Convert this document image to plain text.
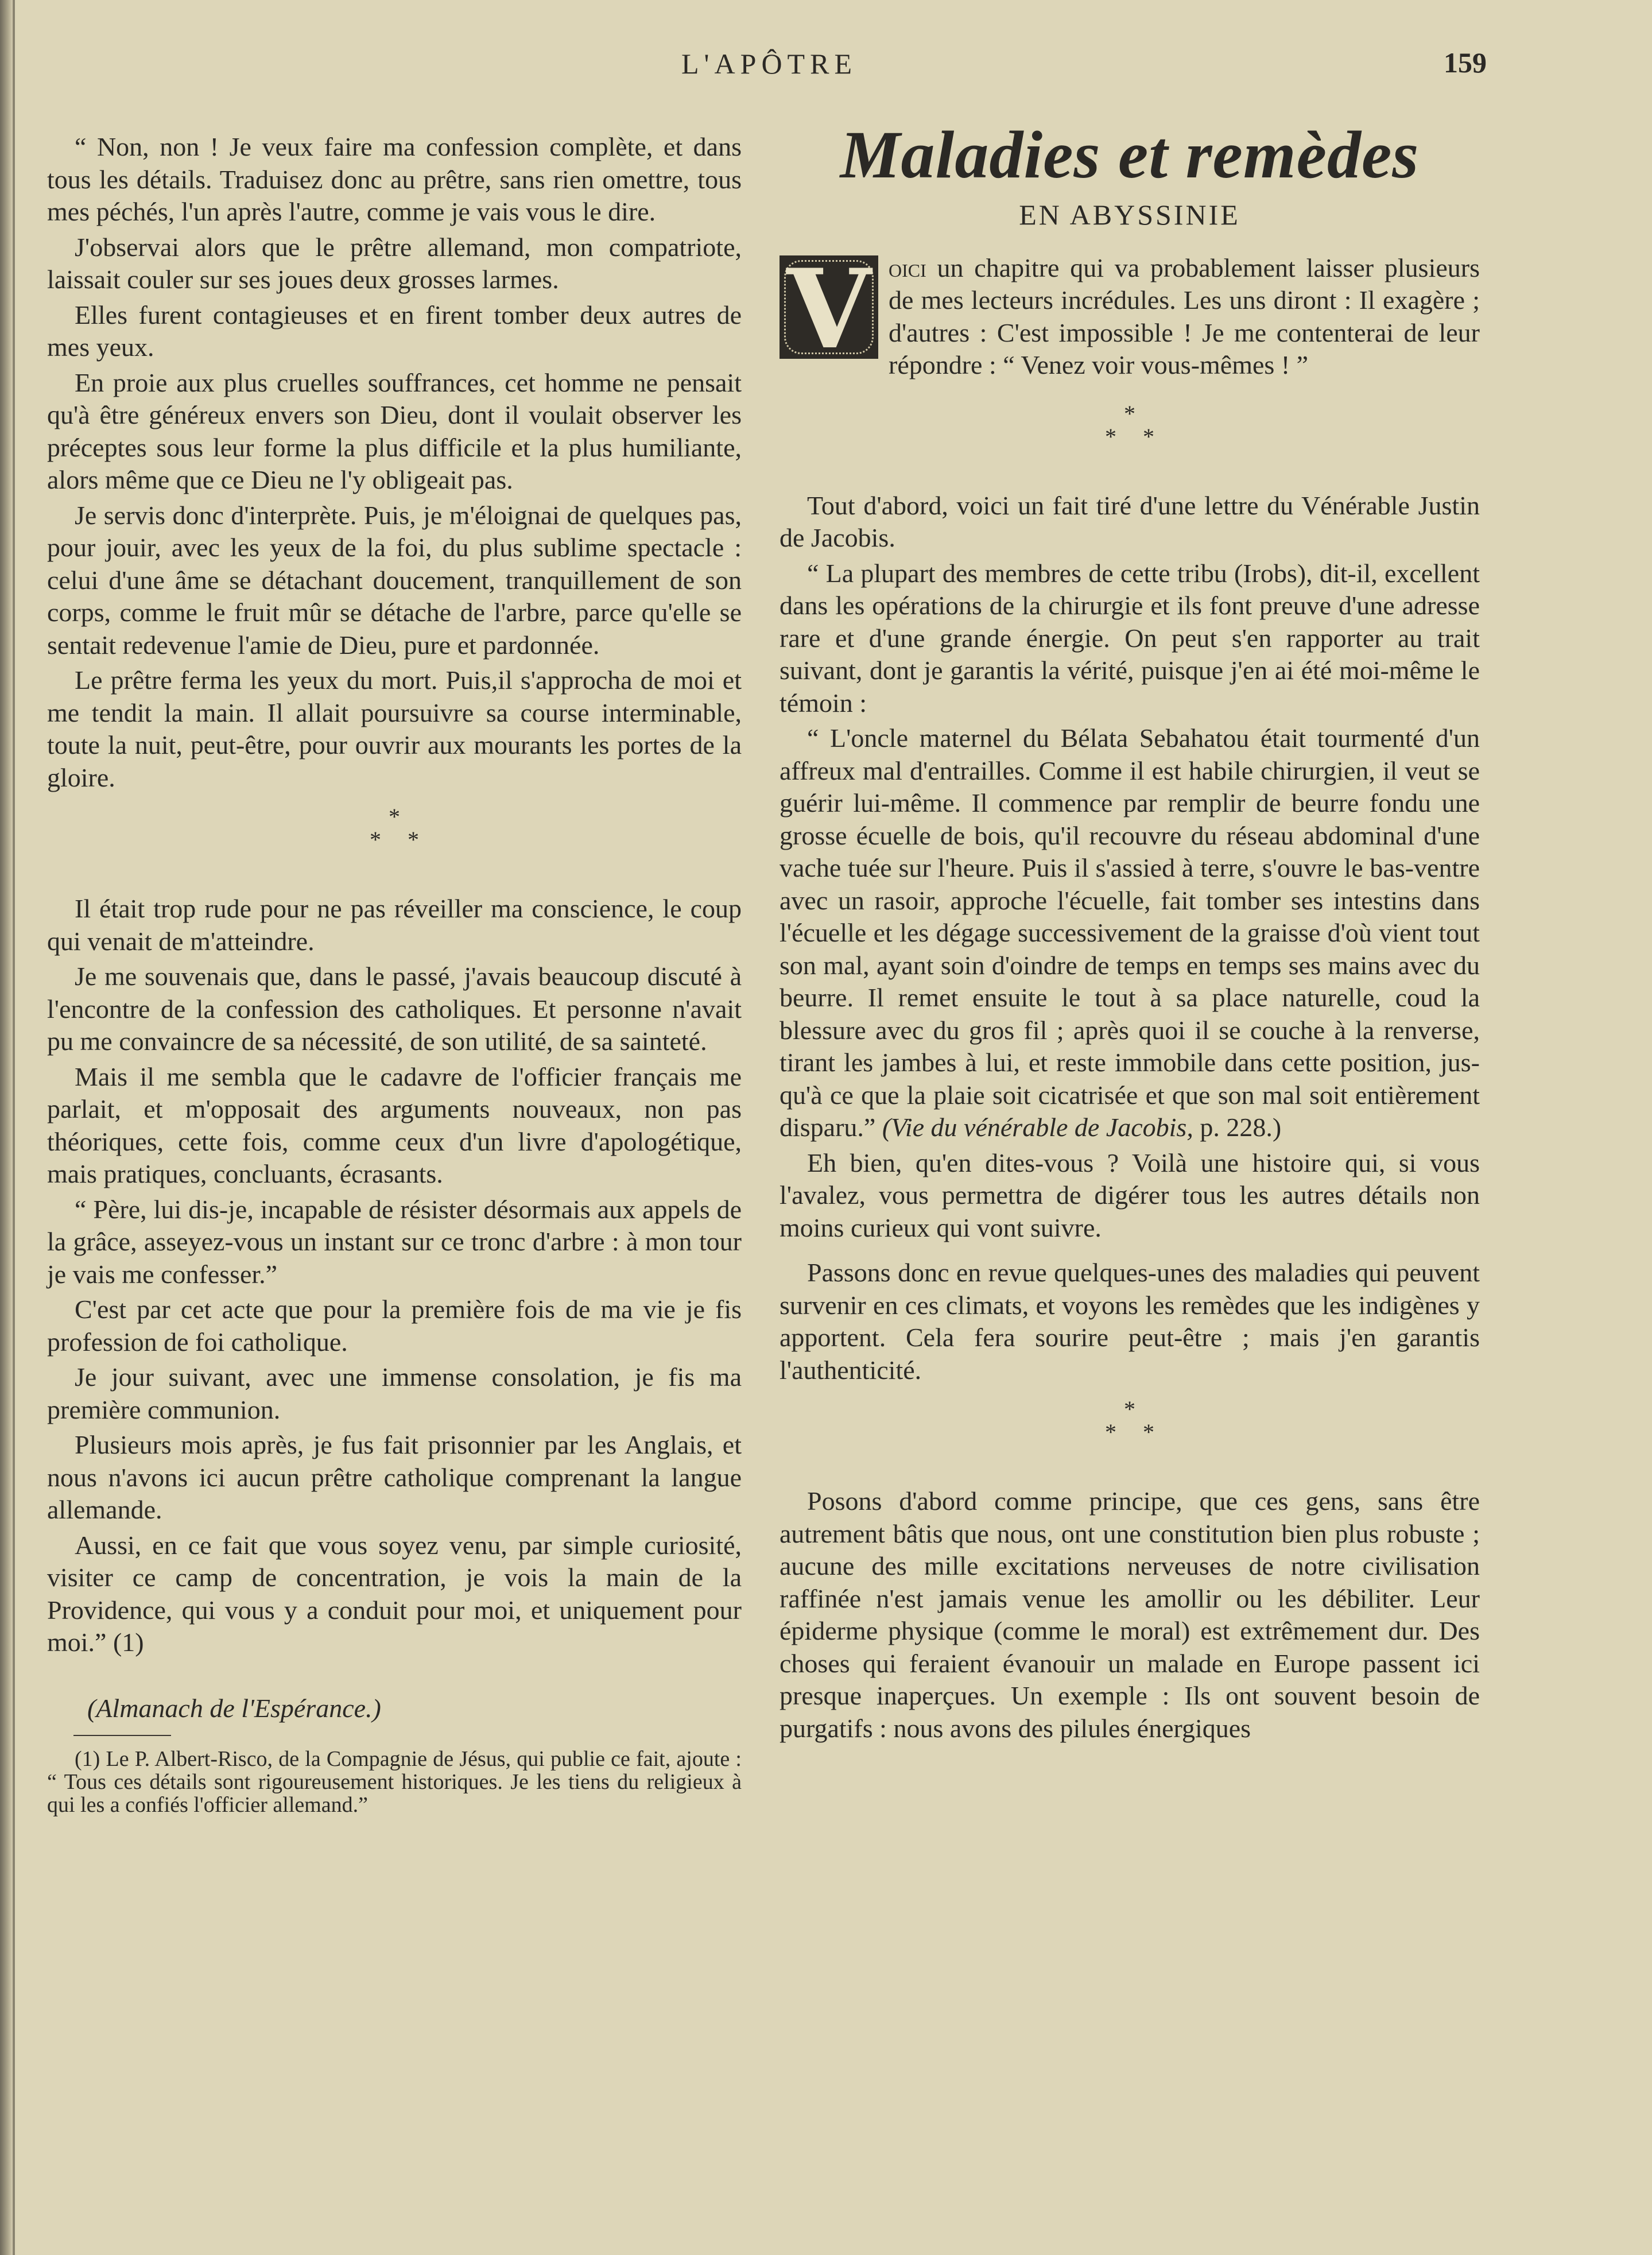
L'APÔTRE	159

“ Non, non ! Je veux faire ma confession complète, et dans tous les détails. Traduisez donc au prêtre, sans rien omettre, tous mes péchés, l'un après l'autre, comme je vais vous le dire.

J'observai alors que le prêtre allemand, mon compatriote, laissait couler sur ses joues deux grosses larmes.

Elles furent contagieuses et en firent tomber deux autres de mes yeux.

En proie aux plus cruelles souffrances, cet homme ne pensait qu'à être généreux envers son Dieu, dont il voulait observer les préceptes sous leur forme la plus difficile et la plus humiliante, alors même que ce Dieu ne l'y obligeait pas.

Je servis donc d'interprète. Puis, je m'éloignai de quelques pas, pour jouir, avec les yeux de la foi, du plus sublime spectacle : celui d'une âme se détachant doucement, tranquillement de son corps, comme le fruit mûr se détache de l'arbre, parce qu'elle se sentait redevenue l'amie de Dieu, pure et pardonnée.

Le prêtre ferma les yeux du mort. Puis,il s'approcha de moi et me tendit la main. Il allait poursuivre sa course interminable, toute la nuit, peut-être, pour ouvrir aux mourants les portes de la gloire.

*
* *

Il était trop rude pour ne pas réveiller ma conscience, le coup qui venait de m'atteindre.

Je me souvenais que, dans le passé, j'avais beaucoup discuté à l'encontre de la confession des catholiques. Et personne n'avait pu me convaincre de sa nécessité, de son utilité, de sa sainteté.

Mais il me sembla que le cadavre de l'officier français me parlait, et m'opposait des arguments nouveaux, non pas théoriques, cette fois, comme ceux d'un livre d'apologétique, mais pratiques, concluants, écrasants.

“ Père, lui dis-je, incapable de résister désormais aux appels de la grâce, asseyez-vous un instant sur ce tronc d'arbre : à mon tour je vais me confesser.”

C'est par cet acte que pour la première fois de ma vie je fis profession de foi catholique.

Je jour suivant, avec une immense consolation, je fis ma première communion.

Plusieurs mois après, je fus fait prisonnier par les Anglais, et nous n'avons ici aucun prêtre catholique comprenant la langue allemande.

Aussi, en ce fait que vous soyez venu, par simple curiosité, visiter ce camp de concentration, je vois la main de la Providence, qui vous y a conduit pour moi, et uniquement pour moi.” (1)

(Almanach de l'Espérance.)

(1) Le P. Albert-Risco, de la Compagnie de Jésus, qui publie ce fait, ajoute : “ Tous ces détails sont rigoureusement historiques. Je les tiens du religieux à qui les a confiés l'officier allemand.”

Maladies et remèdes
EN ABYSSINIE
V oici un chapitre qui va probablement laisser plusieurs de mes lecteurs incrédules. Les uns diront : Il exagère ; d'autres : C'est impossible ! Je me contenterai de leur répondre : “ Venez voir vous-mêmes ! ”

*
* *

Tout d'abord, voici un fait tiré d'une lettre du Vénérable Justin de Jacobis.

“ La plupart des membres de cette tribu (Irobs), dit-il, excellent dans les opérations de la chirurgie et ils font preuve d'une adresse rare et d'une grande énergie. On peut s'en rapporter au trait suivant, dont je garantis la vérité, puisque j'en ai été moi-même le témoin :

“ L'oncle maternel du Bélata Sebahatou était tourmenté d'un affreux mal d'entrailles. Comme il est habile chirurgien, il veut se guérir lui-même. Il commence par remplir de beurre fondu une grosse écuelle de bois, qu'il recouvre du réseau abdominal d'une vache tuée sur l'heure. Puis il s'assied à terre, s'ouvre le bas-ventre avec un rasoir, approche l'écuelle, fait tomber ses intestins dans l'écuelle et les dégage successivement de la graisse d'où vient tout son mal, ayant soin d'oindre de temps en temps ses mains avec du beurre. Il remet ensuite le tout à sa place naturelle, coud la blessure avec du gros fil ; après quoi il se couche à la renverse, tirant les jambes à lui, et reste immobile dans cette position, jusqu'à ce que la plaie soit cicatrisée et que son mal soit entièrement disparu.” (Vie du vénérable de Jacobis, p. 228.)

Eh bien, qu'en dites-vous ? Voilà une histoire qui, si vous l'avalez, vous permettra de digérer tous les autres détails non moins curieux qui vont suivre.

Passons donc en revue quelques-unes des maladies qui peuvent survenir en ces climats, et voyons les remèdes que les indigènes y apportent. Cela fera sourire peut-être ; mais j'en garantis l'authenticité.

*
* *

Posons d'abord comme principe, que ces gens, sans être autrement bâtis que nous, ont une constitution bien plus robuste ; aucune des mille excitations nerveuses de notre civilisation raffinée n'est jamais venue les amollir ou les débiliter. Leur épiderme physique (comme le moral) est extrêmement dur. Des choses qui feraient évanouir un malade en Europe passent ici presque inaperçues. Un exemple : Ils ont souvent besoin de purgatifs : nous avons des pilules énergiques
